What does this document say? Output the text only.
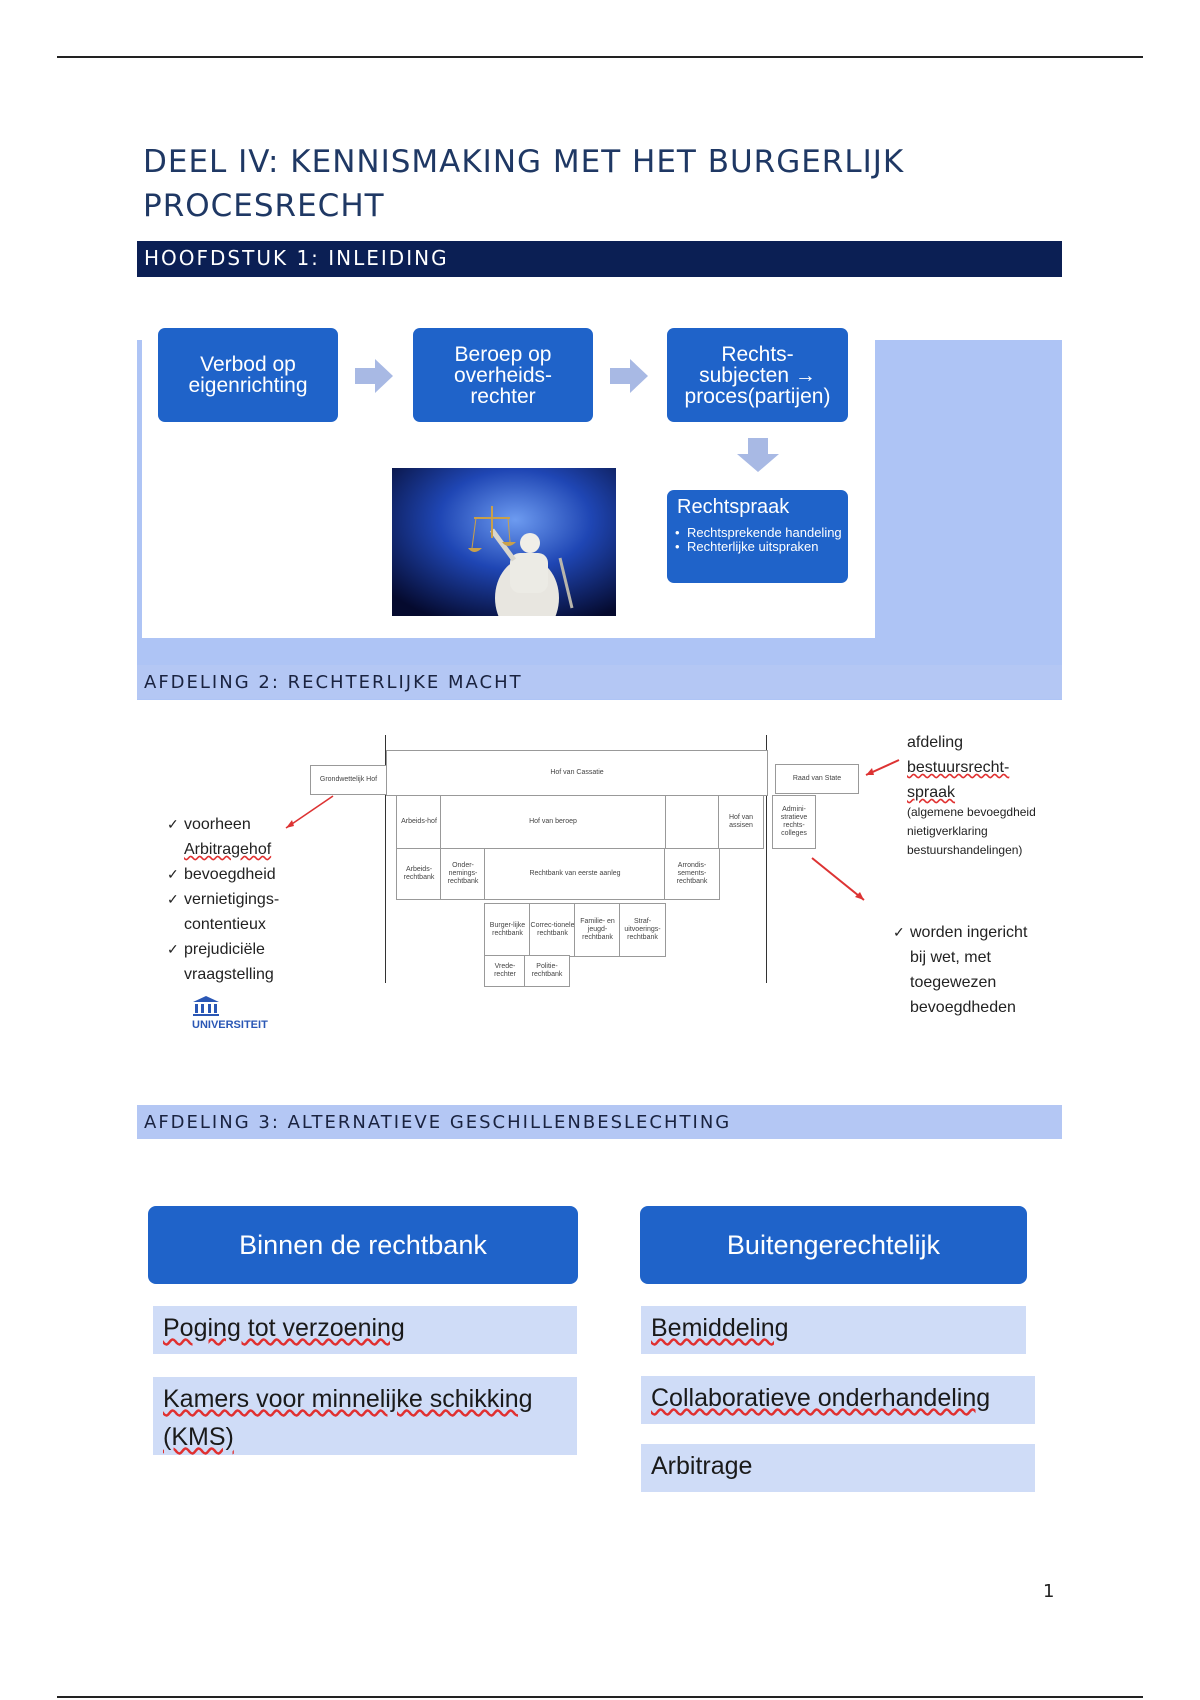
DEEL IV: KENNISMAKING MET HET BURGERLIJK PROCESRECHT
HOOFDSTUK 1: INLEIDING
Verbod op
eigenrichting
Beroep op
overheids-
rechter
Rechts-
subjecten →
proces(partijen)
Rechtspraak
• Rechtsprekende handeling
• Rechterlijke uitspraken
AFDELING 2: RECHTERLIJKE MACHT
Grondwettelijk Hof
Hof van Cassatie
Raad van State
Arbeids-hof	Hof van beroep
Hof van assisen
Admini-stratieve rechts-colleges
Arbeids-rechtbank
Onder-nemings-rechtbank
Rechtbank van eerste aanleg
Arrondis-sements-rechtbank
Burger-lijke rechtbank
Correc-tionele rechtbank
Familie- en jeugd-rechtbank
Straf-uitvoerings-rechtbank
Vrede-rechter
Politie-rechtbank
✓ voorheen
Arbitragehof
✓ bevoegdheid
✓ vernietigings-
contentieux
✓ prejudiciële
vraagstelling
UNIVERSITEIT
afdeling
bestuursrecht-
spraak
(algemene bevoegdheid nietigverklaring bestuurshandelingen)
✓ worden ingericht
bij wet, met
toegewezen
bevoegdheden
AFDELING 3: ALTERNATIEVE GESCHILLENBESLECHTING
Binnen de rechtbank	Buitengerechtelijk
Poging tot verzoening
Kamers voor minnelijke schikking (KMS)
Bemiddeling
Collaboratieve onderhandeling
Arbitrage
1
